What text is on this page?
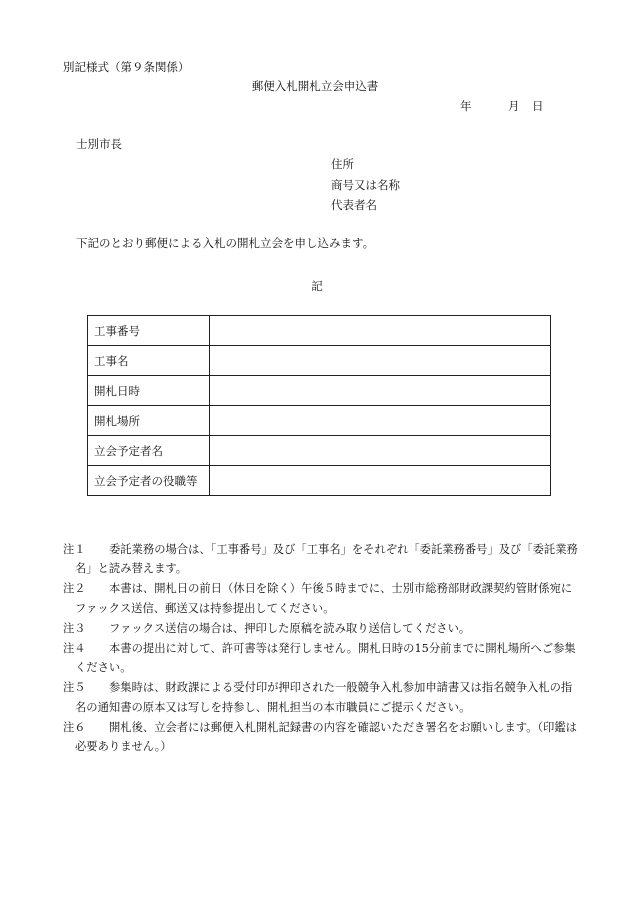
別記様式（第９条関係）
郵便入札開札立会申込書
年	月 日
士別市長
住所
商号又は名称
代表者名
下記のとおり郵便による入札の開札立会を申し込みます。
記
工事番号	
工事名	
開札日時	
開札場所	
立会予定者名	
立会予定者の役職等	
注１	委託業務の場合は、「工事番号」及び「工事名」をそれぞれ「委託業務番号」及び「委託業務名」と読み替えます。
注２	本書は、開札日の前日（休日を除く）午後５時までに、士別市総務部財政課契約管財係宛にファックス送信、郵送又は持参提出してください。
注３	ファックス送信の場合は、押印した原稿を読み取り送信してください。
注４	本書の提出に対して、許可書等は発行しません。開札日時の15分前までに開札場所へご参集ください。
注５	参集時は、財政課による受付印が押印された一般競争入札参加申請書又は指名競争入札の指名の通知書の原本又は写しを持参し、開札担当の本市職員にご提示ください。
注６	開札後、立会者には郵便入札開札記録書の内容を確認いただき署名をお願いします。（印鑑は必要ありません。）
